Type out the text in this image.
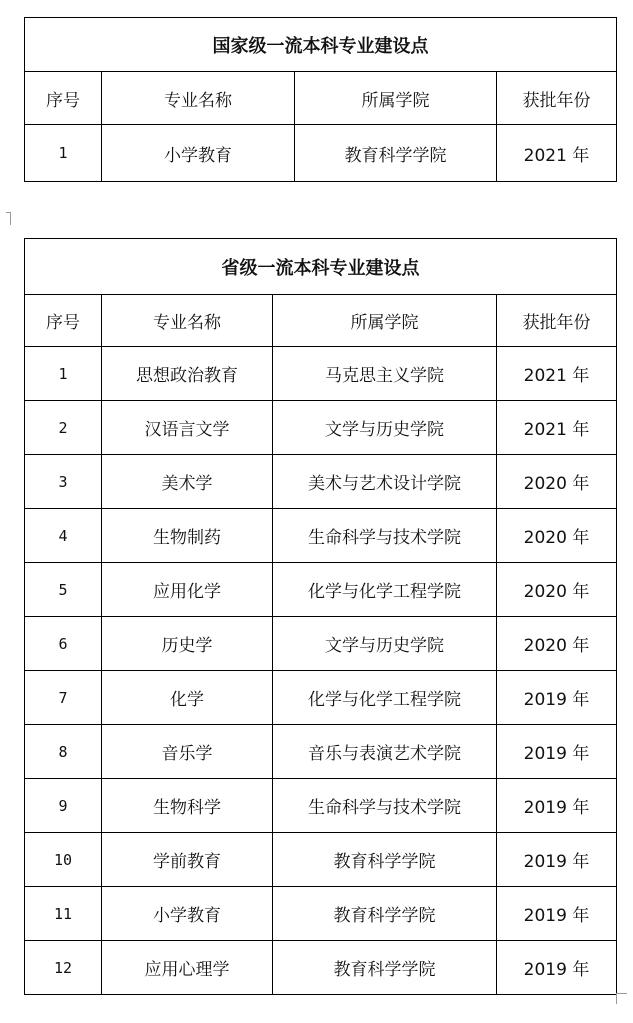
国家级一流本科专业建设点			
序号	专业名称	所属学院	获批年份
1	小学教育	教育科学学院	2021 年
省级一流本科专业建设点			
序号	专业名称	所属学院	获批年份
1	思想政治教育	马克思主义学院	2021 年
2	汉语言文学	文学与历史学院	2021 年
3	美术学	美术与艺术设计学院	2020 年
4	生物制药	生命科学与技术学院	2020 年
5	应用化学	化学与化学工程学院	2020 年
6	历史学	文学与历史学院	2020 年
7	化学	化学与化学工程学院	2019 年
8	音乐学	音乐与表演艺术学院	2019 年
9	生物科学	生命科学与技术学院	2019 年
10	学前教育	教育科学学院	2019 年
11	小学教育	教育科学学院	2019 年
12	应用心理学	教育科学学院	2019 年
